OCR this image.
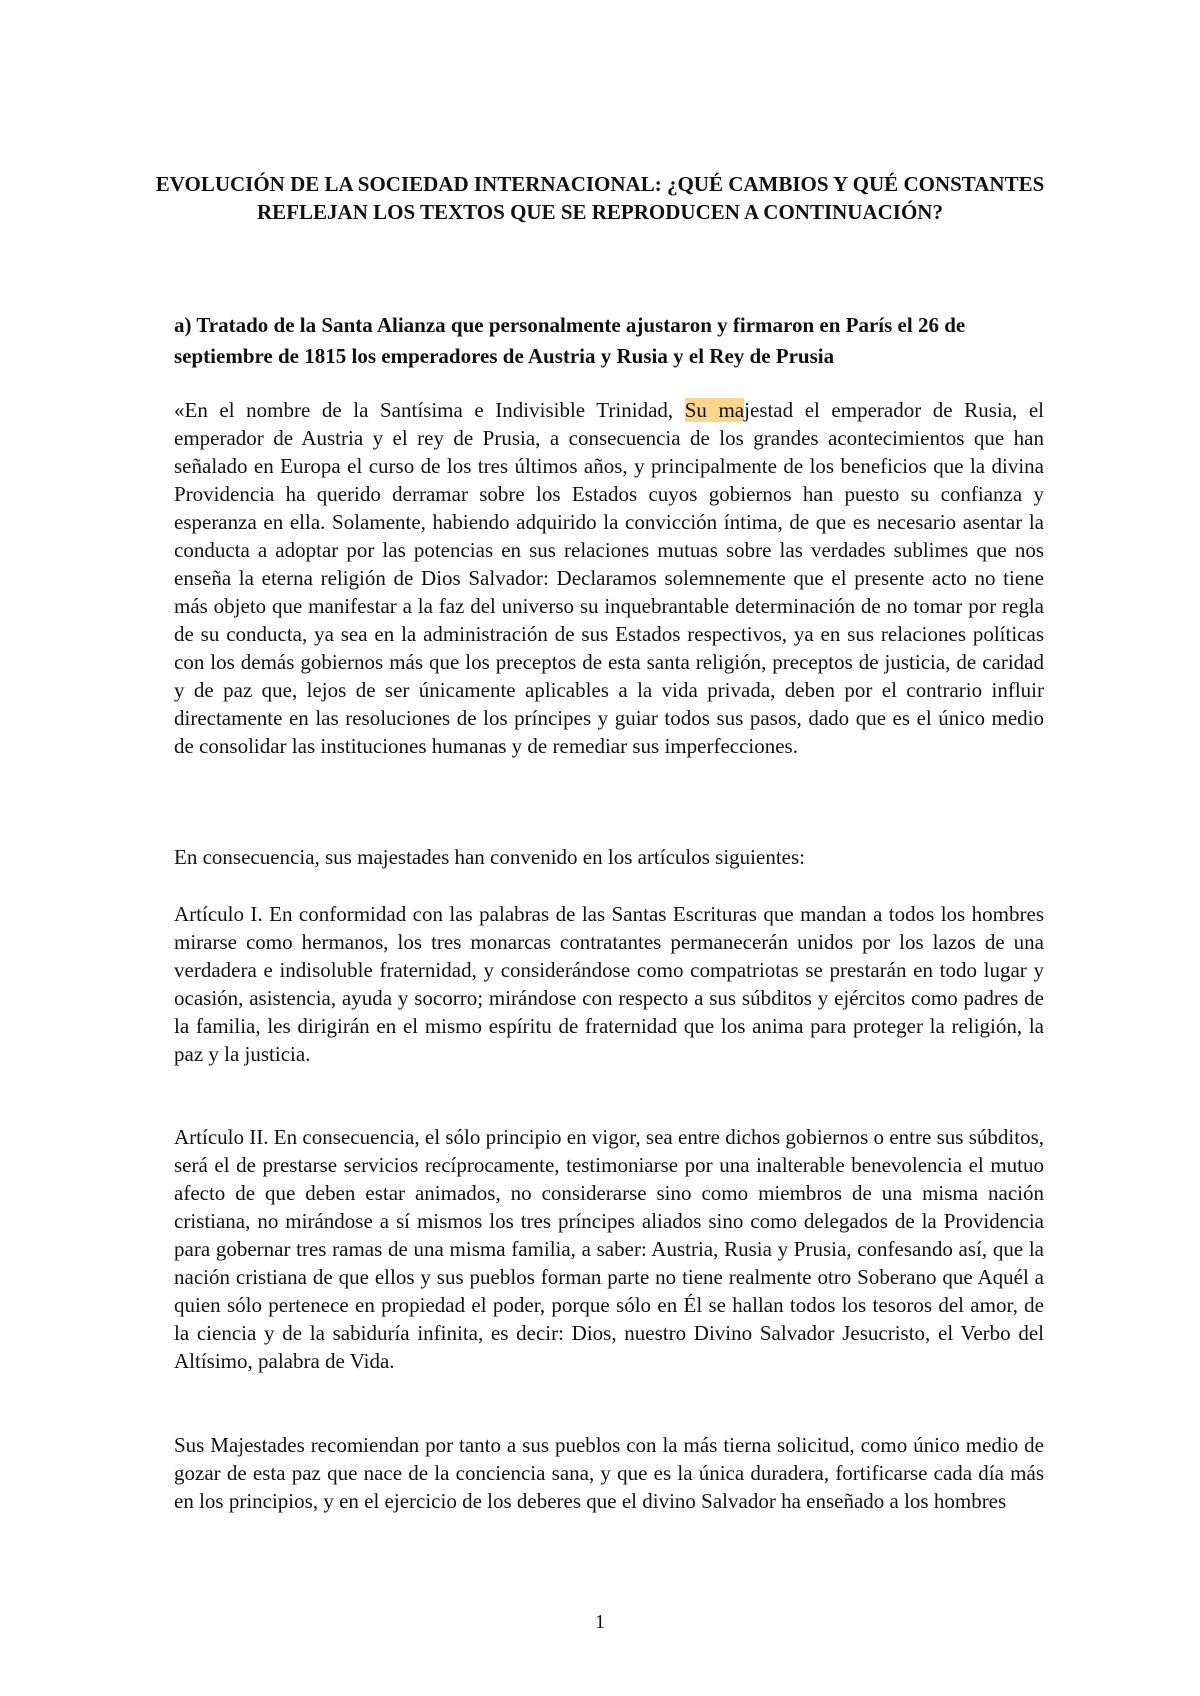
EVOLUCIÓN DE LA SOCIEDAD INTERNACIONAL: ¿QUÉ CAMBIOS Y QUÉ CONSTANTES REFLEJAN LOS TEXTOS QUE SE REPRODUCEN A CONTINUACIÓN?

a) Tratado de la Santa Alianza que personalmente ajustaron y firmaron en París el 26 de septiembre de 1815 los emperadores de Austria y Rusia y el Rey de Prusia

«En el nombre de la Santísima e Indivisible Trinidad, Su majestad el emperador de Rusia, el emperador de Austria y el rey de Prusia, a consecuencia de los grandes acontecimientos que han señalado en Europa el curso de los tres últimos años, y principalmente de los beneficios que la divina Providencia ha querido derramar sobre los Estados cuyos gobiernos han puesto su confianza y esperanza en ella. Solamente, habiendo adquirido la convicción íntima, de que es necesario asentar la conducta a adoptar por las potencias en sus relaciones mutuas sobre las verdades sublimes que nos enseña la eterna religión de Dios Salvador: Declaramos solemnemente que el presente acto no tiene más objeto que manifestar a la faz del universo su inquebrantable determinación de no tomar por regla de su conducta, ya sea en la administración de sus Estados respectivos, ya en sus relaciones políticas con los demás gobiernos más que los preceptos de esta santa religión, preceptos de justicia, de caridad y de paz que, lejos de ser únicamente aplicables a la vida privada, deben por el contrario influir directamente en las resoluciones de los príncipes y guiar todos sus pasos, dado que es el único medio de consolidar las instituciones humanas y de remediar sus imperfecciones.

En consecuencia, sus majestades han convenido en los artículos siguientes:

Artículo I. En conformidad con las palabras de las Santas Escrituras que mandan a todos los hombres mirarse como hermanos, los tres monarcas contratantes permanecerán unidos por los lazos de una verdadera e indisoluble fraternidad, y considerándose como compatriotas se prestarán en todo lugar y ocasión, asistencia, ayuda y socorro; mirándose con respecto a sus súbditos y ejércitos como padres de la familia, les dirigirán en el mismo espíritu de fraternidad que los anima para proteger la religión, la paz y la justicia.

Artículo II. En consecuencia, el sólo principio en vigor, sea entre dichos gobiernos o entre sus súbditos, será el de prestarse servicios recíprocamente, testimoniarse por una inalterable benevolencia el mutuo afecto de que deben estar animados, no considerarse sino como miembros de una misma nación cristiana, no mirándose a sí mismos los tres príncipes aliados sino como delegados de la Providencia para gobernar tres ramas de una misma familia, a saber: Austria, Rusia y Prusia, confesando así, que la nación cristiana de que ellos y sus pueblos forman parte no tiene realmente otro Soberano que Aquél a quien sólo pertenece en propiedad el poder, porque sólo en Él se hallan todos los tesoros del amor, de la ciencia y de la sabiduría infinita, es decir: Dios, nuestro Divino Salvador Jesucristo, el Verbo del Altísimo, palabra de Vida.

Sus Majestades recomiendan por tanto a sus pueblos con la más tierna solicitud, como único medio de gozar de esta paz que nace de la conciencia sana, y que es la única duradera, fortificarse cada día más en los principios, y en el ejercicio de los deberes que el divino Salvador ha enseñado a los hombres

1
